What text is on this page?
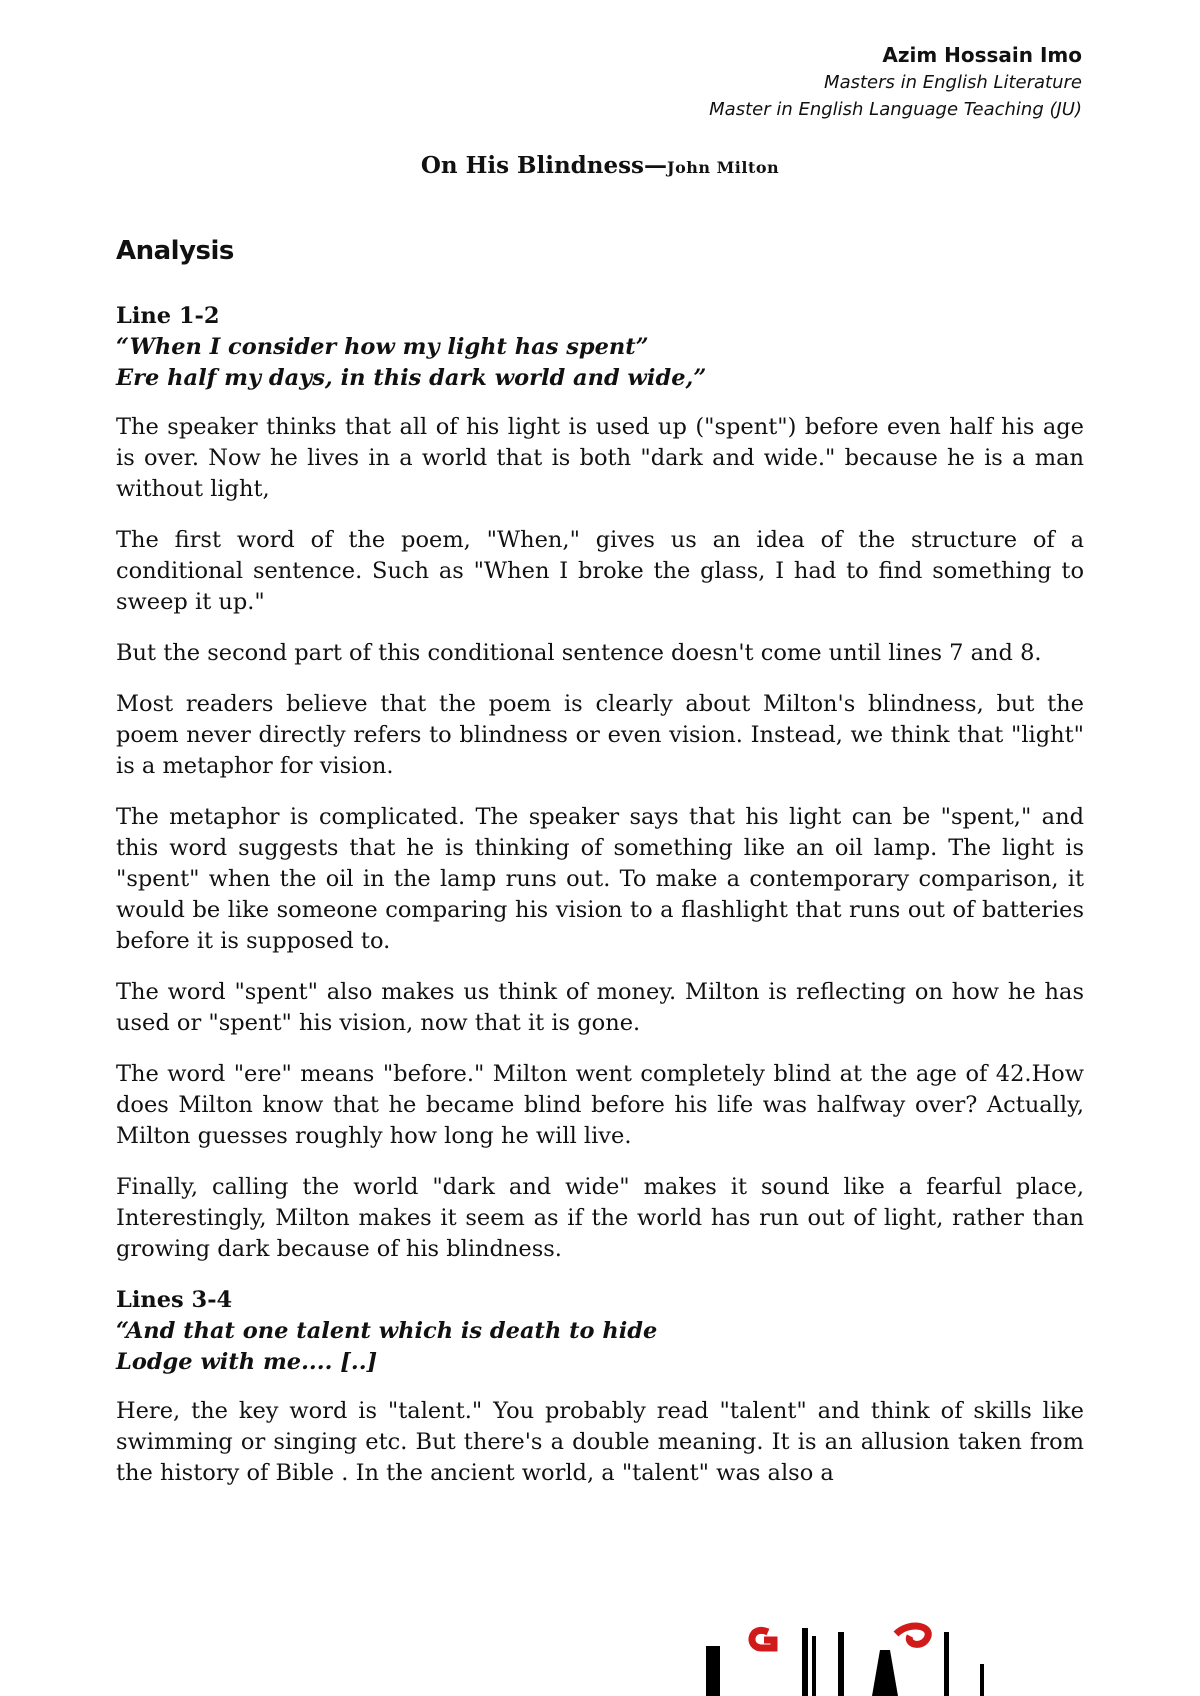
Azim Hossain Imo
Masters in English Literature
Master in English Language Teaching (JU)
On His Blindness—John Milton
Analysis
Line 1-2
“When I consider how my light has spent”
Ere half my days, in this dark world and wide,”

The speaker thinks that all of his light is used up ("spent") before even half his age is over. Now he lives in a world that is both "dark and wide." because he is a man without light,

The first word of the poem, "When," gives us an idea of the structure of a conditional sentence. Such as "When I broke the glass, I had to find something to sweep it up."

But the second part of this conditional sentence doesn't come until lines 7 and 8.

Most readers believe that the poem is clearly about Milton's blindness, but the poem never directly refers to blindness or even vision. Instead, we think that "light" is a metaphor for vision.

The metaphor is complicated. The speaker says that his light can be "spent," and this word suggests that he is thinking of something like an oil lamp. The light is "spent" when the oil in the lamp runs out. To make a contemporary comparison, it would be like someone comparing his vision to a flashlight that runs out of batteries before it is supposed to.

The word "spent" also makes us think of money. Milton is reflecting on how he has used or "spent" his vision, now that it is gone.

The word "ere" means "before." Milton went completely blind at the age of 42.How does Milton know that he became blind before his life was halfway over? Actually, Milton guesses roughly how long he will live.

Finally, calling the world "dark and wide" makes it sound like a fearful place, Interestingly, Milton makes it seem as if the world has run out of light, rather than growing dark because of his blindness.

Lines 3-4
“And that one talent which is death to hide
Lodge with me.... [..]

Here, the key word is "talent." You probably read "talent" and think of skills like swimming or singing etc. But there's a double meaning. It is an allusion taken from the history of Bible . In the ancient world, a "talent" was also a
